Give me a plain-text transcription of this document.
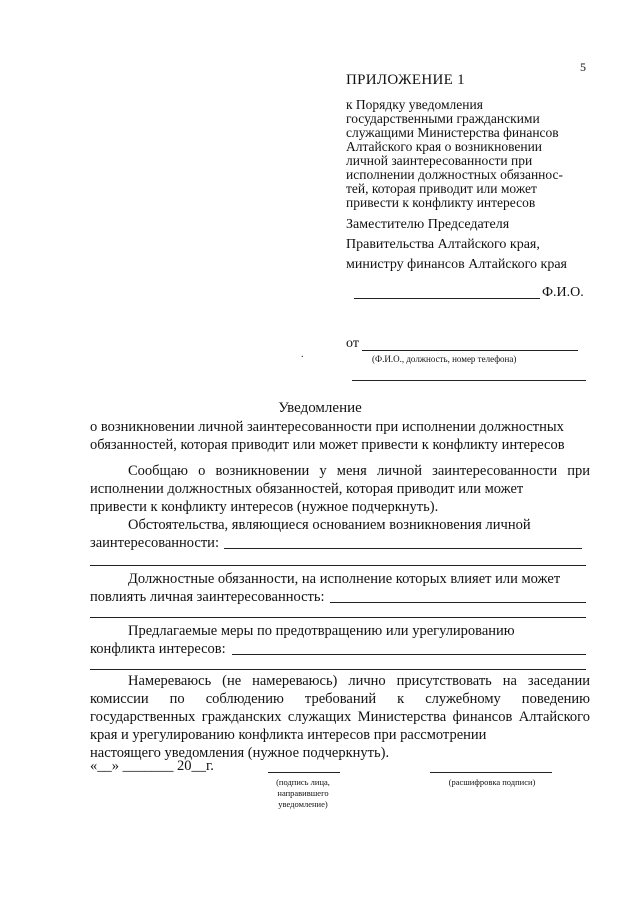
5
ПРИЛОЖЕНИЕ 1
к Порядку уведомления
государственными гражданскими
служащими Министерства финансов
Алтайского края о возникновении
личной заинтересованности при
исполнении должностных обязаннос-
тей, которая приводит или может
привести к конфликту интересов
Заместителю Председателя
Правительства Алтайского края,
министру финансов Алтайского края
Ф.И.О.
от
(Ф.И.О., должность, номер телефона)
.
Уведомление
о возникновении личной заинтересованности при исполнении должностных
обязанностей, которая приводит или может привести к конфликту интересов
Сообщаю о возникновении у меня личной заинтересованности при исполнении должностных обязанностей, которая приводит или может
привести к конфликту интересов (нужное подчеркнуть).
Обстоятельства, являющиеся основанием возникновения личной
заинтересованности:
Должностные обязанности, на исполнение которых влияет или может
повлиять личная заинтересованность:
Предлагаемые меры по предотвращению или урегулированию
конфликта интересов:
Намереваюсь (не намереваюсь) лично присутствовать на заседании комиссии по соблюдению требований к служебному поведению государственных гражданских служащих Министерства финансов Алтайского края и урегулированию конфликта интересов при рассмотрении
настоящего уведомления (нужное подчеркнуть).
«__» _______ 20__г.
(подпись лица, направившего уведомление)
(расшифровка подписи)
